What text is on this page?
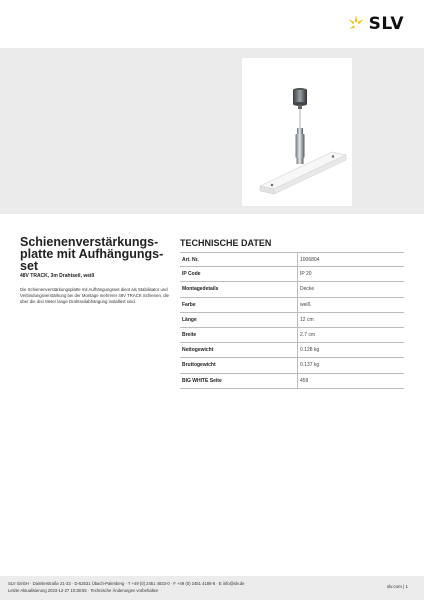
SLV
Schienenverstärkungs- platte mit Aufhängungs- set
48V TRACK, 3m Drahtseil, weiß

Die Schienenverstärkungsplatte mit Aufhängungsset dient als Stabilisator und Verbindungsverstärkung bei der Montage mehrerer 48V TRACK Schienen, die über die drei Meter lange Drahtseilabhängung installiert sind.

TECHNISCHE DATEN
Art. Nr.	1006804
IP Code	IP 20
Montagedetails	Decke
Farbe	weiß
Länge	12 cm
Breite	2.7 cm
Nettogewicht	0.128 kg
Bruttogewicht	0.137 kg
BIG WHITE Seite	459
SLV GmbH · Daimlerstraße 21-23 · D-52531 Übach-Palenberg · T +49 (0) 2451 4833-0 · F +49 (0) 2451 4188-8 · E info@slv.de
Letzte Aktualisierung 2023-12-27 10:38:55 · Technische Änderungen vorbehalten
slv.com | 1
